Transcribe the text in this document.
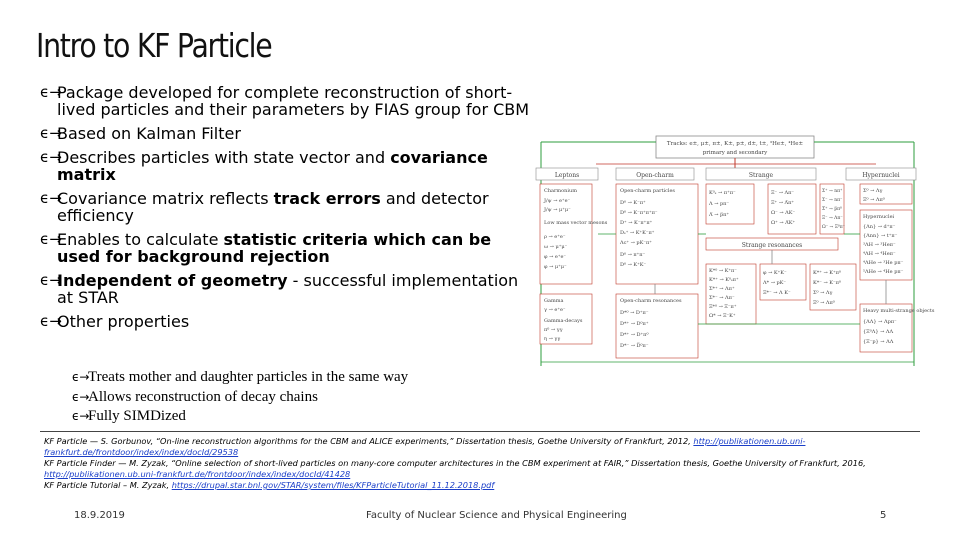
Intro to KF Particle
ϵ→
Package developed for complete reconstruction of short-lived particles and their parameters by FIAS group for CBM
ϵ→
Based on Kalman Filter
ϵ→
Describes particles with state vector and covariance matrix
ϵ→
Covariance matrix reflects track errors and detector efficiency
ϵ→
Enables to calculate statistic criteria which can be used for background rejection
ϵ→
Independent of geometry - successful implementation at STAR
ϵ→
Other properties
ϵ→
Treats mother and daughter particles in the same way
ϵ→
Allows reconstruction of decay chains
ϵ→
Fully SIMDized
Tracks: e±, μ±, π±, K±, p±, d±, t±, ³He±, ⁴He±
primary and secondary
Leptons	Open-charm	Strange	Hypernuclei
Charmonium J/ψ → e⁺e⁻ J/ψ → μ⁺μ⁻ Low mass vector mesons ρ → e⁺e⁻ ω → μ⁺μ⁻ φ → e⁺e⁻ φ → μ⁺μ⁻
Gamma γ → e⁺e⁻ Gamma-decays π⁰ → γγ η → γγ
Open-charm particles D⁰ → K⁻π⁺ D⁰ → K⁻π⁺π⁺π⁻ D⁺ → K⁻π⁺π⁺ Dₛ⁺ → K⁺K⁻π⁺ Λᴄ⁺ → pK⁻π⁺ D⁰ → π⁺π⁻ D⁰ → K⁺K⁻
Open-charm resonances D*⁰ → D⁺π⁻ D*⁺ → D⁰π⁺ D*⁺ → D⁺π⁰ D*⁻ → D̅⁰π⁻
K⁰ₛ → π⁺π⁻ Λ → pπ⁻ Λ̅ → p̅π⁺
Ξ⁻ → Λπ⁻ Ξ⁺ → Λ̅π⁺ Ω⁻ → ΛK⁻ Ω⁺ → Λ̅K⁺
Strange resonances
K*⁰ → K⁺π⁻ K*⁺ → K⁰ₛπ⁺ Σ*⁺ → Λπ⁺ Σ*⁻ → Λπ⁻ Ξ*⁰ → Ξ⁻π⁺ Ω* → Ξ⁻K⁺
φ → K⁺K⁻ Λ* → pK⁻ Ξ*⁻ → Λ K⁻
K*⁺ → K⁺π⁰ K*⁻ → K⁻π⁰ Σ⁰ → Λγ Ξ⁰ → Λπ⁰
Σ⁺ → nπ⁺ Σ⁻ → nπ⁻ Σ̅⁺ → p̅π⁰ Ξ⁻ → Λπ⁻ Ω⁻ → Ξ⁰π⁻
Σ⁰ → Λγ Ξ⁰ → Λπ⁰
Hypernuclei {Λn} → d⁺π⁻ {Λnn} → t⁺π⁻ ³ΛH → ³Heπ⁻ ⁴ΛH → ⁴Heπ⁻ ⁴ΛHe → ³He pπ⁻ ⁵ΛHe → ⁴He pπ⁻
Heavy multi-strange objects {ΛΛ} → Λpπ⁻ {Ξ⁰Λ} → ΛΛ {Ξ⁻p} → ΛΛ
KF Particle — S. Gorbunov, “On-line reconstruction algorithms for the CBM and ALICE experiments,” Dissertation thesis, Goethe University of Frankfurt, 2012, http://publikationen.ub.uni-frankfurt.de/frontdoor/index/index/docId/29538
KF Particle Finder — M. Zyzak, “Online selection of short-lived particles on many-core computer architectures in the CBM experiment at FAIR,” Dissertation thesis, Goethe University of Frankfurt, 2016, http://publikationen.ub.uni-frankfurt.de/frontdoor/index/index/docId/41428
KF Particle Tutorial – M. Zyzak, https://drupal.star.bnl.gov/STAR/system/files/KFParticleTutorial_11.12.2018.pdf
18.9.2019	Faculty of Nuclear Science and Physical Engineering	5
